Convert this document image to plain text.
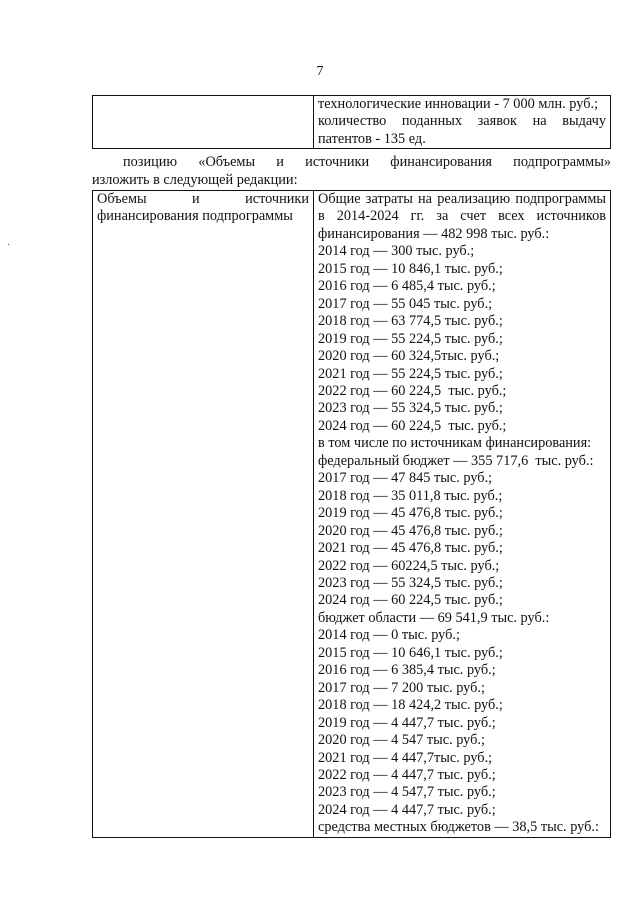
7

технологические инновации - 7 000 млн. руб.;
количество поданных заявок на выдачу
патентов - 135 ед.
позицию «Объемы и источники финансирования подпрограммы»
изложить в следующей редакции:
Объемы и источники
финансирования подпрограммы

Общие затраты на реализацию подпрограммы
в 2014-2024 гг. за счет всех источников
финансирования — 482 998 тыс. руб.:
2014 год — 300 тыс. руб.;
2015 год — 10 846,1 тыс. руб.;
2016 год — 6 485,4 тыс. руб.;
2017 год — 55 045 тыс. руб.;
2018 год — 63 774,5 тыс. руб.;
2019 год — 55 224,5 тыс. руб.;
2020 год — 60 324,5тыс. руб.;
2021 год — 55 224,5 тыс. руб.;
2022 год — 60 224,5  тыс. руб.;
2023 год — 55 324,5 тыс. руб.;
2024 год — 60 224,5  тыс. руб.;
в том числе по источникам финансирования:
федеральный бюджет — 355 717,6  тыс. руб.:
2017 год — 47 845 тыс. руб.;
2018 год — 35 011,8 тыс. руб.;
2019 год — 45 476,8 тыс. руб.;
2020 год — 45 476,8 тыс. руб.;
2021 год — 45 476,8 тыс. руб.;
2022 год — 60224,5 тыс. руб.;
2023 год — 55 324,5 тыс. руб.;
2024 год — 60 224,5 тыс. руб.;
бюджет области — 69 541,9 тыс. руб.:
2014 год — 0 тыс. руб.;
2015 год — 10 646,1 тыс. руб.;
2016 год — 6 385,4 тыс. руб.;
2017 год — 7 200 тыс. руб.;
2018 год — 18 424,2 тыс. руб.;
2019 год — 4 447,7 тыс. руб.;
2020 год — 4 547 тыс. руб.;
2021 год — 4 447,7тыс. руб.;
2022 год — 4 447,7 тыс. руб.;
2023 год — 4 547,7 тыс. руб.;
2024 год — 4 447,7 тыс. руб.;
средства местных бюджетов — 38,5 тыс. руб.:
·
